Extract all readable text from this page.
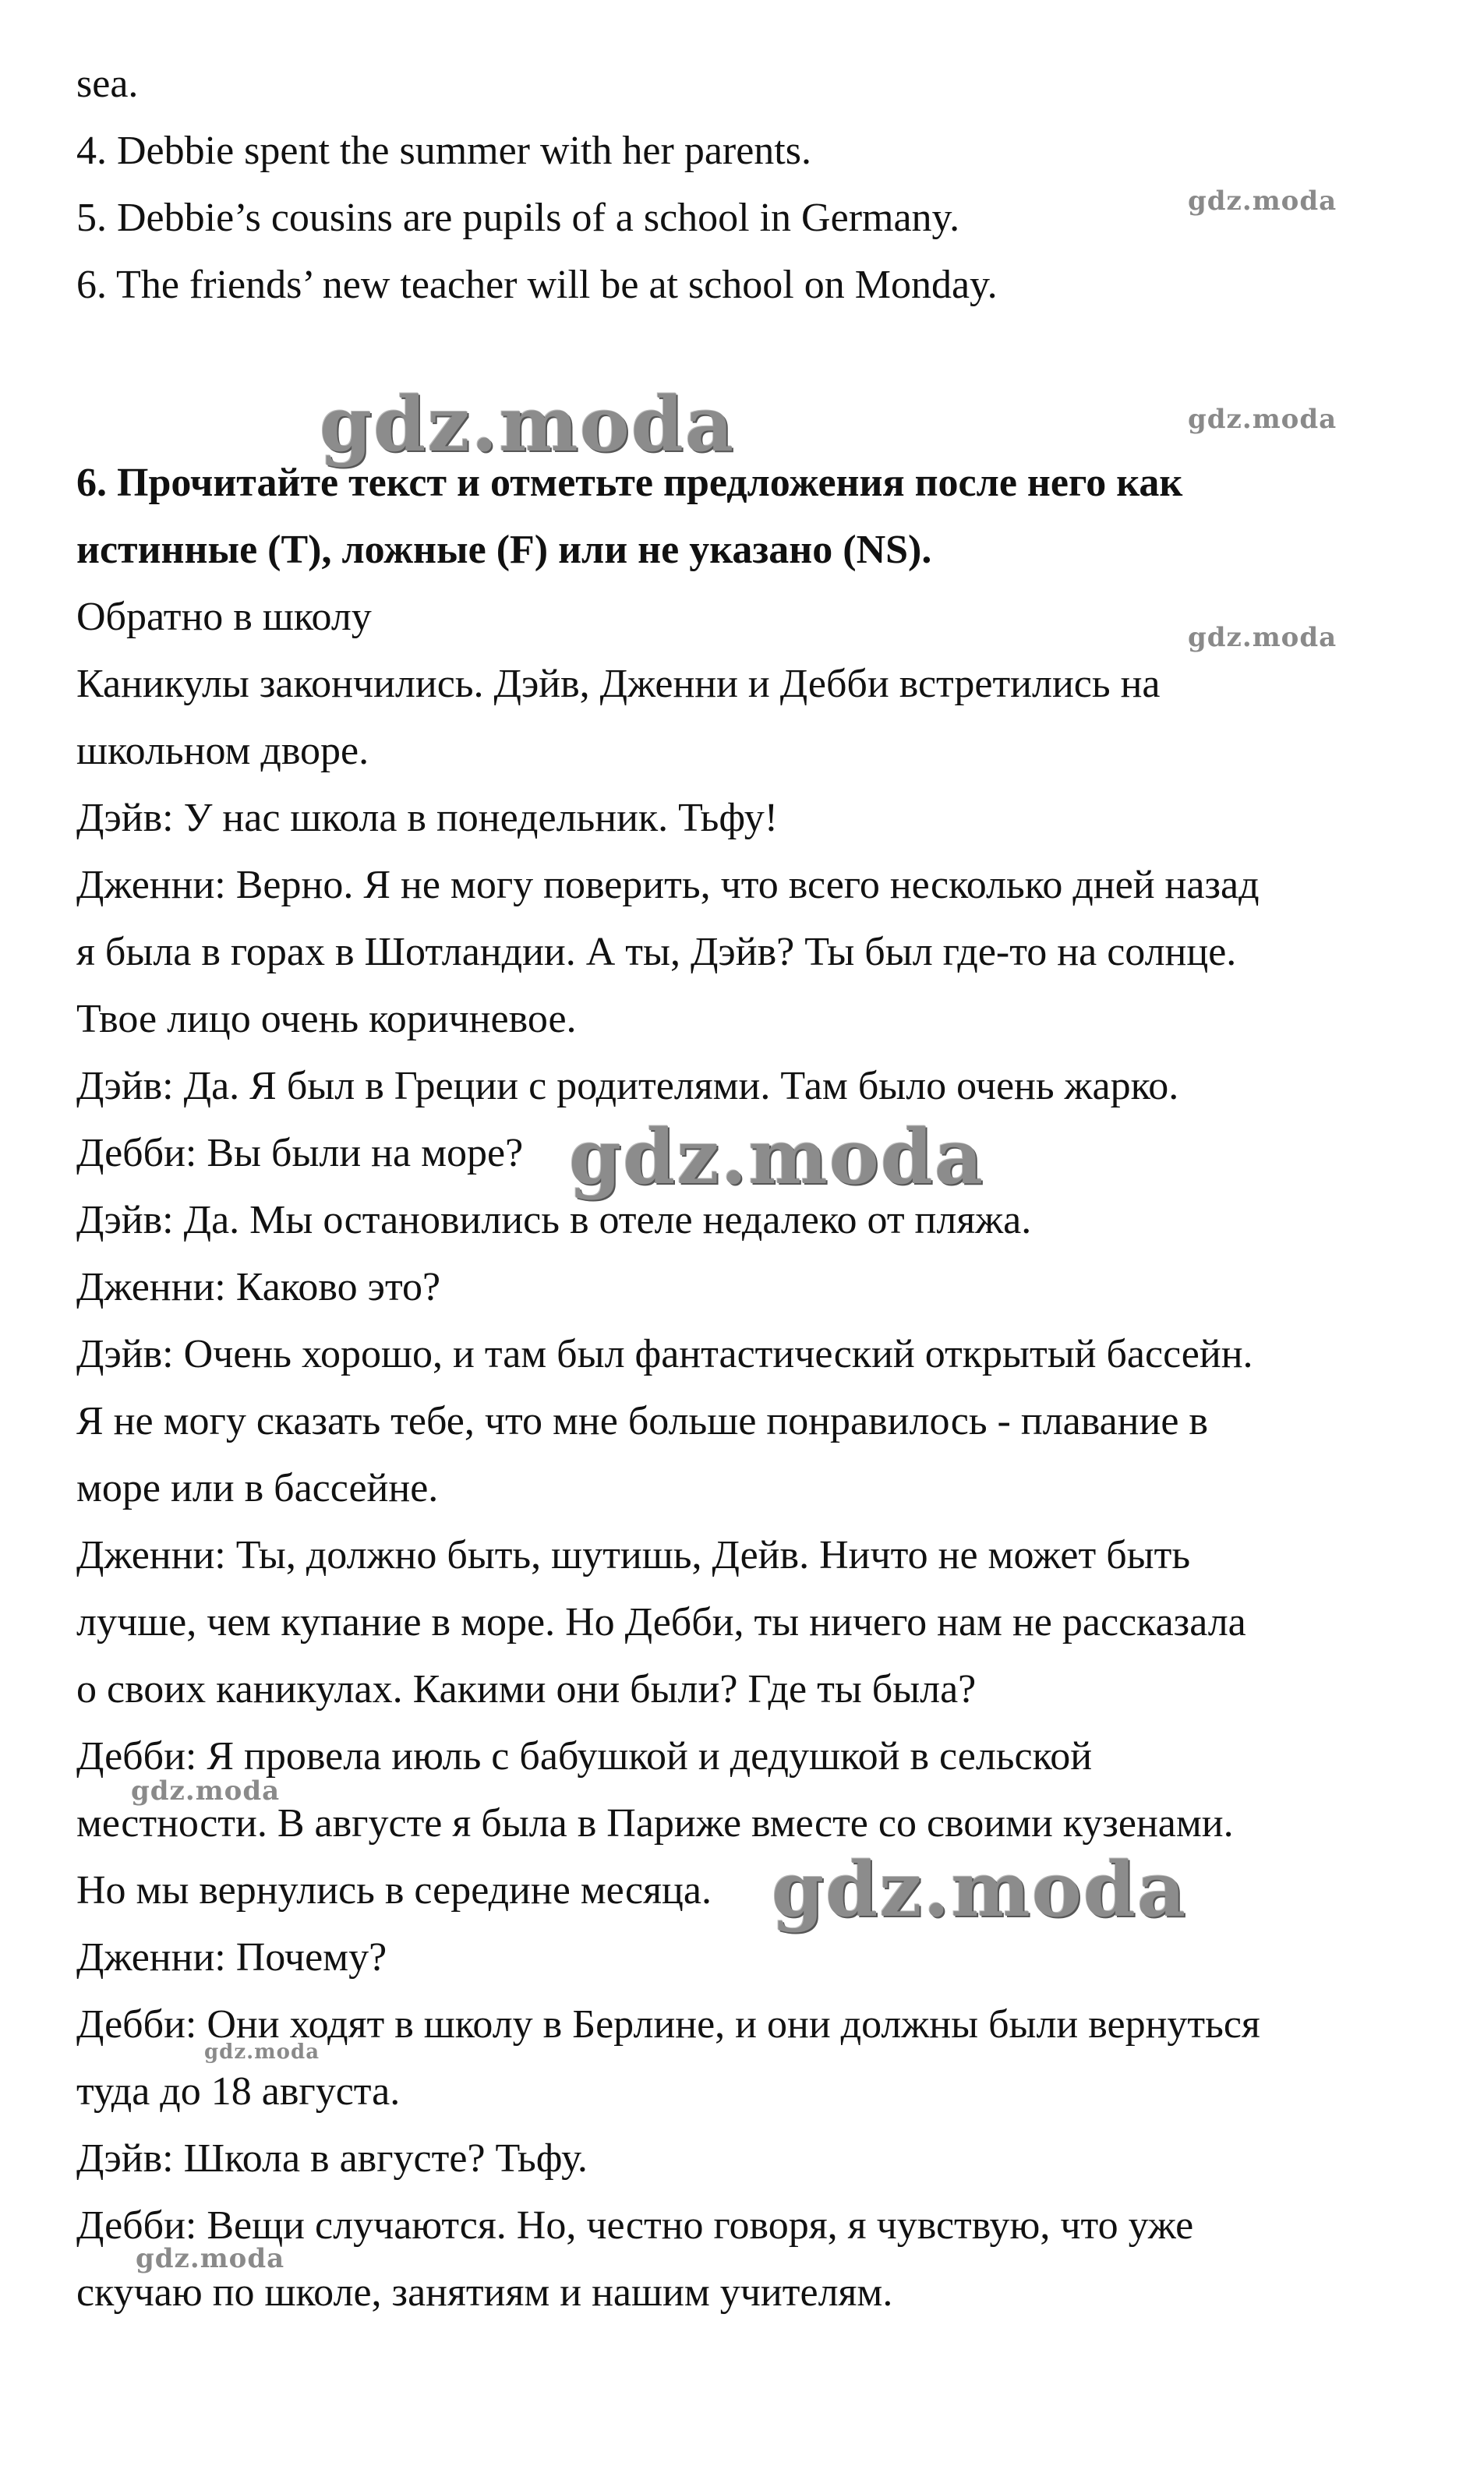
gdz.moda
gdz.moda	gdz.moda
gdz.moda
gdz.moda
gdz.moda
gdz.moda
gdz.moda
gdz.moda

sea.

4. Debbie spent the summer with her parents.

5. Debbie’s cousins are pupils of a school in Germany.

6. The friends’ new teacher will be at school on Monday.

6. Прочитайте текст и отметьте предложения после него как

истинные (T), ложные (F) или не указано (NS).

Обратно в школу

Каникулы закончились. Дэйв, Дженни и Дебби встретились на

школьном дворе.

Дэйв: У нас школа в понедельник. Тьфу!

Дженни: Верно. Я не могу поверить, что всего несколько дней назад

я была в горах в Шотландии. А ты, Дэйв? Ты был где-то на солнце.

Твое лицо очень коричневое.

Дэйв: Да. Я был в Греции с родителями. Там было очень жарко.

Дебби: Вы были на море?

Дэйв: Да. Мы остановились в отеле недалеко от пляжа.

Дженни: Каково это?

Дэйв: Очень хорошо, и там был фантастический открытый бассейн.

Я не могу сказать тебе, что мне больше понравилось - плавание в

море или в бассейне.

Дженни: Ты, должно быть, шутишь, Дейв. Ничто не может быть

лучше, чем купание в море. Но Дебби, ты ничего нам не рассказала

о своих каникулах. Какими они были? Где ты была?

Дебби: Я провела июль с бабушкой и дедушкой в сельской

местности. В августе я была в Париже вместе со своими кузенами.

Но мы вернулись в середине месяца.

Дженни: Почему?

Дебби: Они ходят в школу в Берлине, и они должны были вернуться

туда до 18 августа.

Дэйв: Школа в августе? Тьфу.

Дебби: Вещи случаются. Но, честно говоря, я чувствую, что уже

скучаю по школе, занятиям и нашим учителям.
